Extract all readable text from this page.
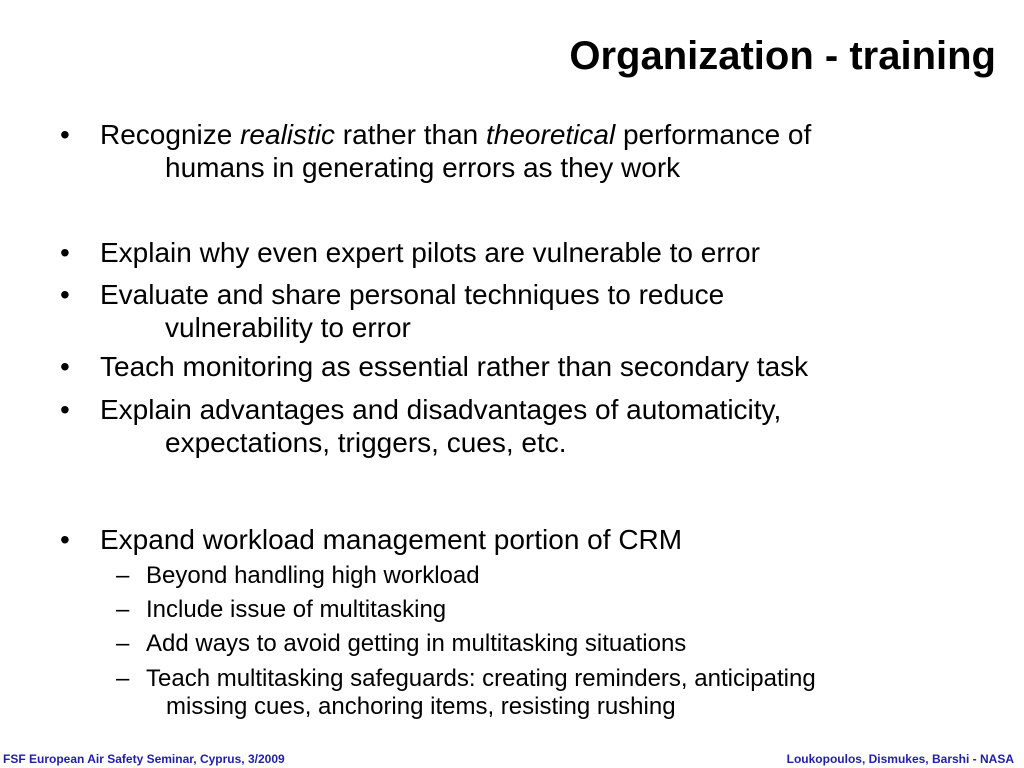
Organization - training
• Recognize realistic rather than theoretical performance of
humans in generating errors as they work
• Explain why even expert pilots are vulnerable to error
• Evaluate and share personal techniques to reduce
vulnerability to error
• Teach monitoring as essential rather than secondary task
• Explain advantages and disadvantages of automaticity,
expectations, triggers, cues, etc.
• Expand workload management portion of CRM
– Beyond handling high workload
– Include issue of multitasking
– Add ways to avoid getting in multitasking situations
– Teach multitasking safeguards: creating reminders, anticipating
missing cues, anchoring items, resisting rushing
FSF European Air Safety Seminar, Cyprus, 3/2009	Loukopoulos, Dismukes, Barshi - NASA
